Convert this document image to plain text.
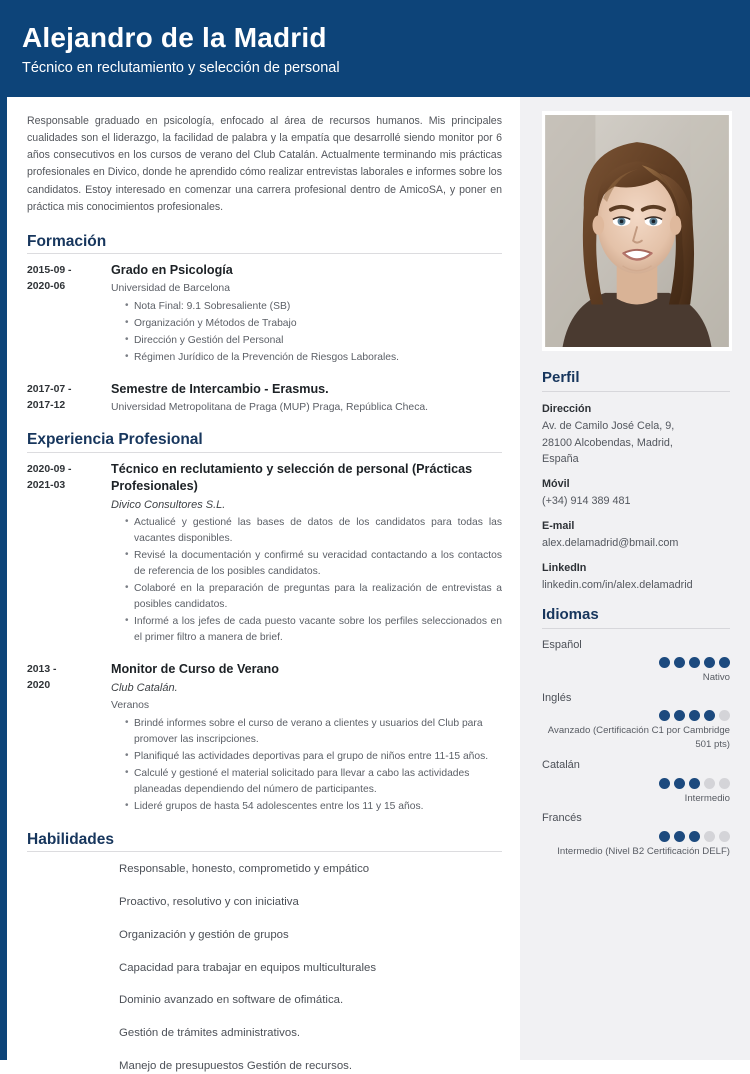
Alejandro de la Madrid
Técnico en reclutamiento y selección de personal
Responsable graduado en psicología, enfocado al área de recursos humanos. Mis principales cualidades son el liderazgo, la facilidad de palabra y la empatía que desarrollé siendo monitor por 6 años consecutivos en los cursos de verano del Club Catalán. Actualmente terminando mis prácticas profesionales en Divico, donde he aprendido cómo realizar entrevistas laborales e informes sobre los candidatos. Estoy interesado en comenzar una carrera profesional dentro de AmicoSA, y poner en práctica mis conocimientos profesionales.
Formación
2015-09 -
2020-06
Grado en Psicología
Universidad de Barcelona
• Nota Final: 9.1 Sobresaliente (SB)
• Organización y Métodos de Trabajo
• Dirección y Gestión del Personal
• Régimen Jurídico de la Prevención de Riesgos Laborales.
2017-07 -
2017-12
Semestre de Intercambio - Erasmus.
Universidad Metropolitana de Praga (MUP) Praga, República Checa.
Experiencia Profesional
2020-09 -
2021-03
Técnico en reclutamiento y selección de personal (Prácticas Profesionales)
Divico Consultores S.L.
• Actualicé y gestioné las bases de datos de los candidatos para todas las vacantes disponibles.
• Revisé la documentación y confirmé su veracidad contactando a los contactos de referencia de los posibles candidatos.
• Colaboré en la preparación de preguntas para la realización de entrevistas a posibles candidatos.
• Informé a los jefes de cada puesto vacante sobre los perfiles seleccionados en el primer filtro a manera de brief.
2013 -
2020
Monitor de Curso de Verano
Club Catalán.
Veranos
• Brindé informes sobre el curso de verano a clientes y usuarios del Club para promover las inscripciones.
• Planifiqué las actividades deportivas para el grupo de niños entre 11-15 años.
• Calculé y gestioné el material solicitado para llevar a cabo las actividades planeadas dependiendo del número de participantes.
• Lideré grupos de hasta 54 adolescentes entre los 11 y 15 años.
Habilidades
Responsable, honesto, comprometido y empático
Proactivo, resolutivo y con iniciativa
Organización y gestión de grupos
Capacidad para trabajar en equipos multiculturales
Dominio avanzado en software de ofimática.
Gestión de trámites administrativos.
Manejo de presupuestos Gestión de recursos.
Perfil
Dirección
Av. de Camilo José Cela, 9,
28100 Alcobendas, Madrid,
España
Móvil
(+34) 914 389 481
E-mail
alex.delamadrid@bmail.com
LinkedIn
linkedin.com/in/alex.delamadrid
Idiomas
Español
Nativo
Inglés
Avanzado (Certificación C1 por Cambridge 501 pts)
Catalán
Intermedio
Francés
Intermedio (Nivel B2 Certificación DELF)
